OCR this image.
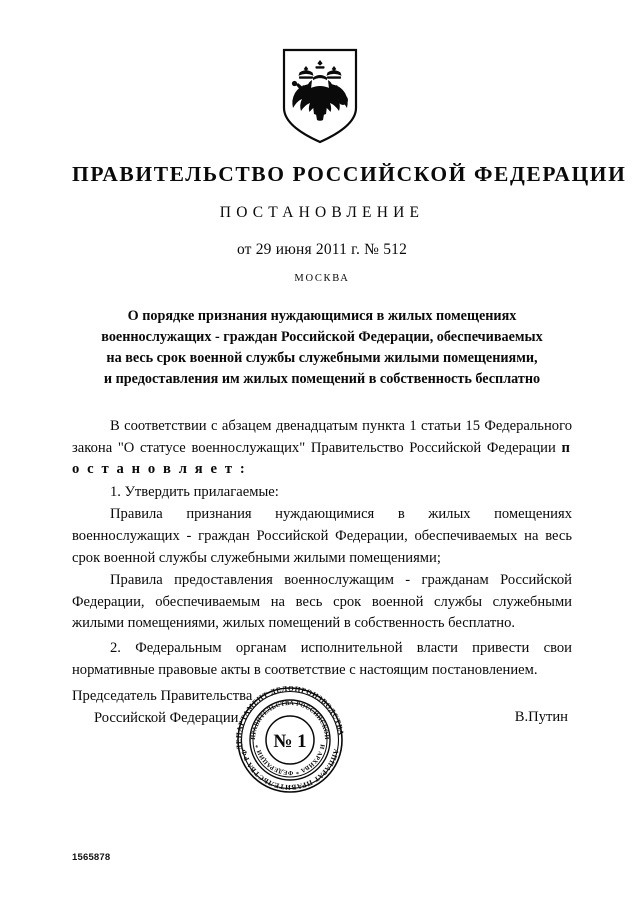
ПРАВИТЕЛЬСТВО РОССИЙСКОЙ ФЕДЕРАЦИИ
ПОСТАНОВЛЕНИЕ
от 29 июня 2011 г. № 512
МОСКВА
О порядке признания нуждающимися в жилых помещениях
военнослужащих - граждан Российской Федерации, обеспечиваемых
на весь срок военной службы служебными жилыми помещениями,
и предоставления им жилых помещений в собственность бесплатно

В соответствии с абзацем двенадцатым пункта 1 статьи 15 Федерального закона "О статусе военнослужащих" Правительство Российской Федерации п о с т а н о в л я е т :

1. Утвердить прилагаемые:

Правила признания нуждающимися в жилых помещениях военнослужащих - граждан Российской Федерации, обеспечиваемых на весь срок военной службы служебными жилыми помещениями;

Правила предоставления военнослужащим - гражданам Российской Федерации, обеспечиваемым на весь срок военной службы служебными жилыми помещениями, жилых помещений в собственность бесплатно.

2. Федеральным органам исполнительной власти привести свои нормативные правовые акты в соответствие с настоящим постановлением.

Председатель Правительства
Российской Федерации	В.Путин
ДЕПАРТАМЕНТ ДЕЛОПРОИЗВОДСТВА
АППАРАТ ПРАВИТЕЛЬСТВА РФ
ПРАВИТЕЛЬСТВА РОССИЙСКОЙ
И АРХИВА * ФЕДЕРАЦИИ * № 1
1565878
